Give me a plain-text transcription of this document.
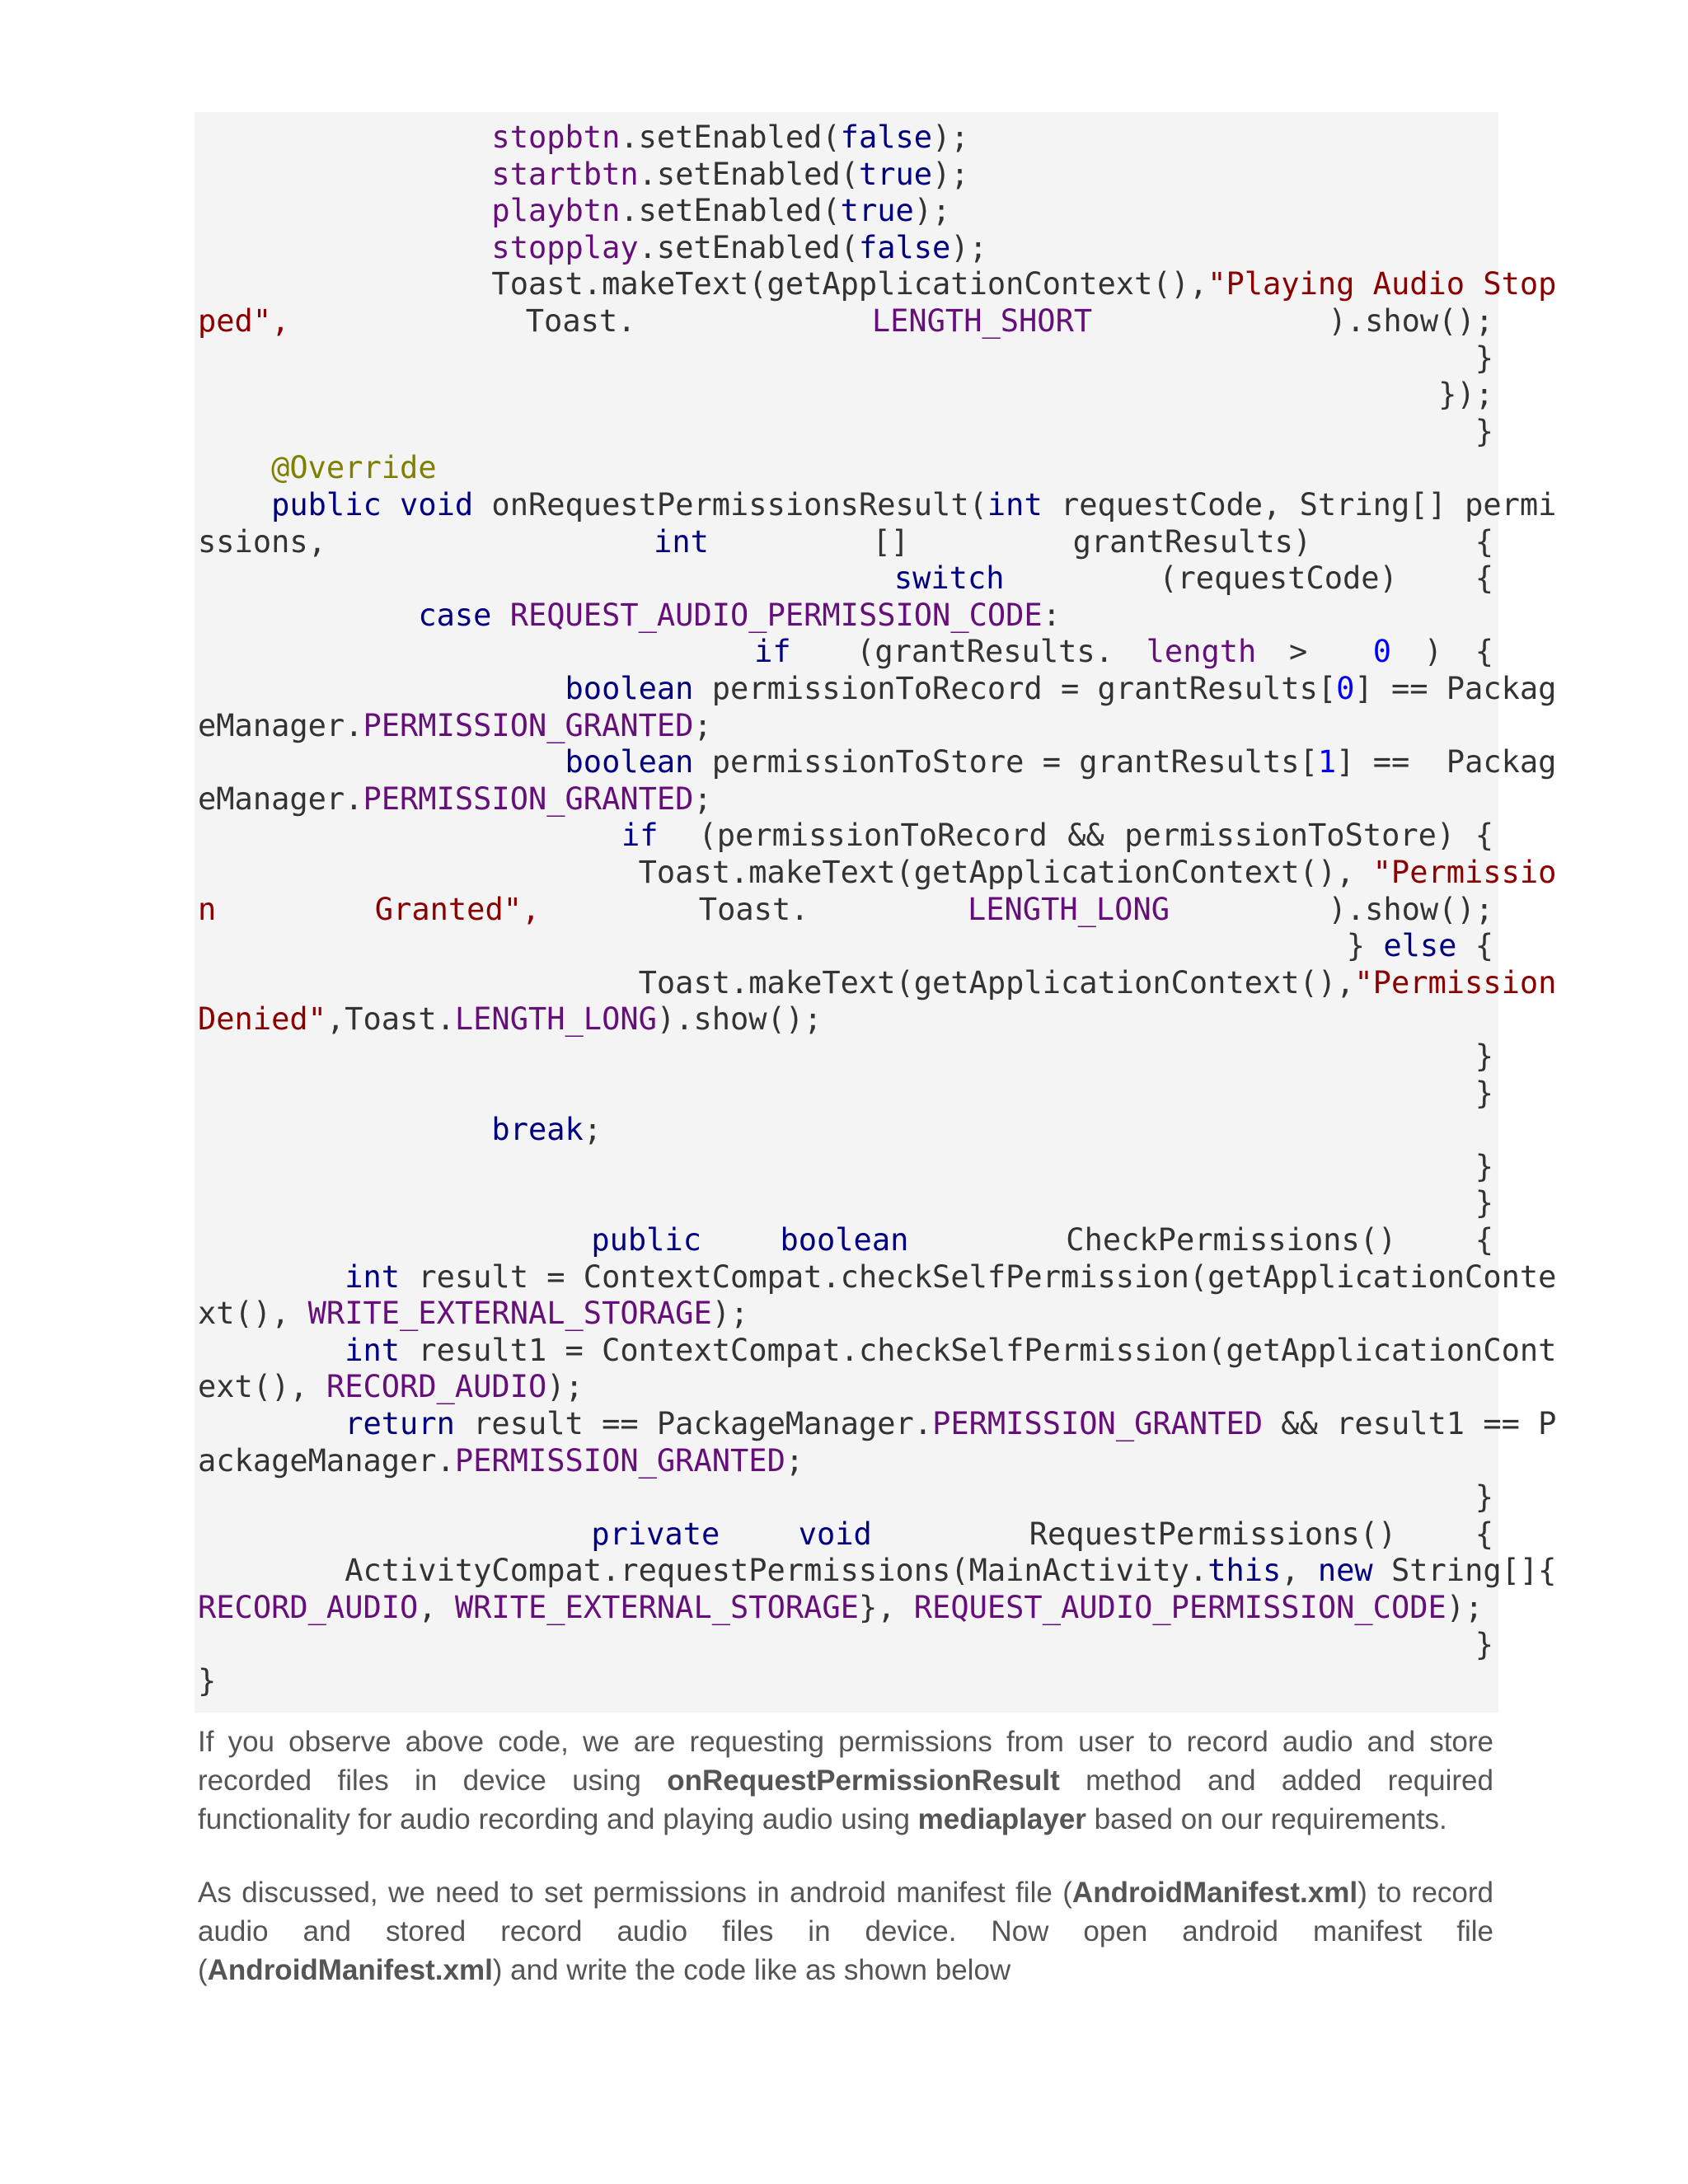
stopbtn.setEnabled(false);
startbtn.setEnabled(true);
playbtn.setEnabled(true);
stopplay.setEnabled(false);
Toast.makeText(getApplicationContext(),"Playing Audio Stop
ped",	Toast.	LENGTH_SHORT	).show();
}
});
}
@Override
public void onRequestPermissionsResult(int requestCode, String[] permi
ssions,	int	[]	grantResults)	{
switch	(requestCode)	{
case REQUEST_AUDIO_PERMISSION_CODE:
if  (grantResults. length >  0 ) {
boolean permissionToRecord = grantResults[0] == Packag
eManager.PERMISSION_GRANTED;
boolean permissionToStore = grantResults[1] ==  Packag
eManager.PERMISSION_GRANTED;
if  (permissionToRecord && permissionToStore) {
Toast.makeText(getApplicationContext(), "Permissio
n	Granted",	Toast.	LENGTH_LONG	).show();
} else {
Toast.makeText(getApplicationContext(),"Permission
Denied",Toast.LENGTH_LONG).show();
}
}
break;
}
}
public	boolean	CheckPermissions()	{
int result = ContextCompat.checkSelfPermission(getApplicationConte
xt(), WRITE_EXTERNAL_STORAGE);
int result1 = ContextCompat.checkSelfPermission(getApplicationCont
ext(), RECORD_AUDIO);
return result == PackageManager.PERMISSION_GRANTED && result1 == P
ackageManager.PERMISSION_GRANTED;
}
private	void	RequestPermissions()	{
ActivityCompat.requestPermissions(MainActivity.this, new String[]{
RECORD_AUDIO, WRITE_EXTERNAL_STORAGE}, REQUEST_AUDIO_PERMISSION_CODE);
}
}
If you observe above code, we are requesting permissions from user to record audio and store
recorded files in device using onRequestPermissionResult method and added required
functionality for audio recording and playing audio using mediaplayer based on our requirements.
As discussed, we need to set permissions in android manifest file (AndroidManifest.xml) to record
audio and stored record audio files in device. Now open android manifest file
(AndroidManifest.xml) and write the code like as shown below
